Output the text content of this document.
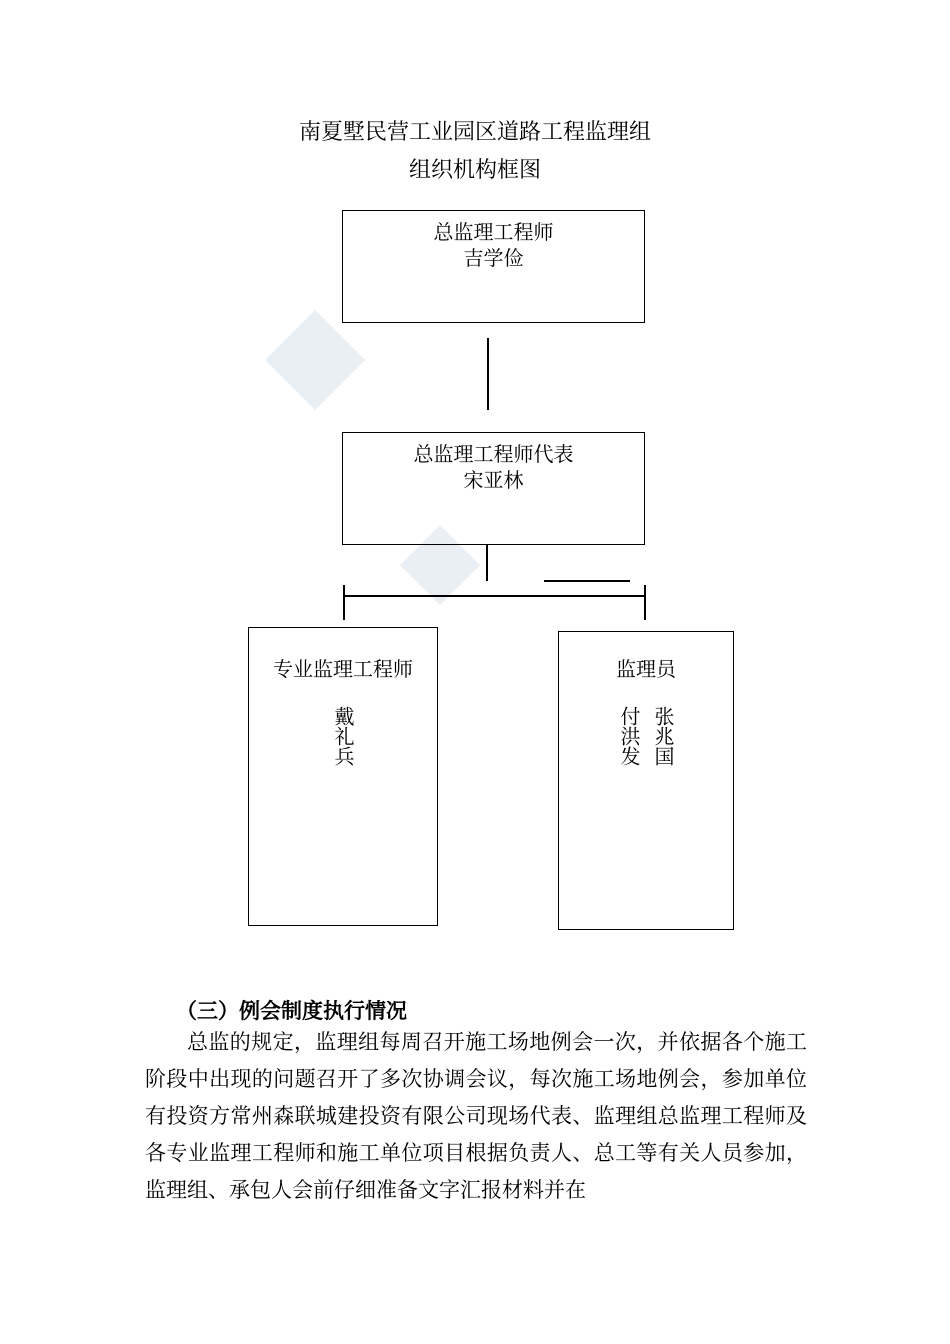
南夏墅民营工业园区道路工程监理组
组织机构框图
总监理工程师
吉学俭
总监理工程师代表
宋亚林
专业监理工程师
戴礼兵
监理员
张兆国
付洪发
（三）例会制度执行情况
总监的规定，监理组每周召开施工场地例会一次，并依据各个施工阶段中出现的问题召开了多次协调会议，每次施工场地例会，参加单位有投资方常州森联城建投资有限公司现场代表、监理组总监理工程师及各专业监理工程师和施工单位项目根据负责人、总工等有关人员参加，监理组、承包人会前仔细准备文字汇报材料并在
